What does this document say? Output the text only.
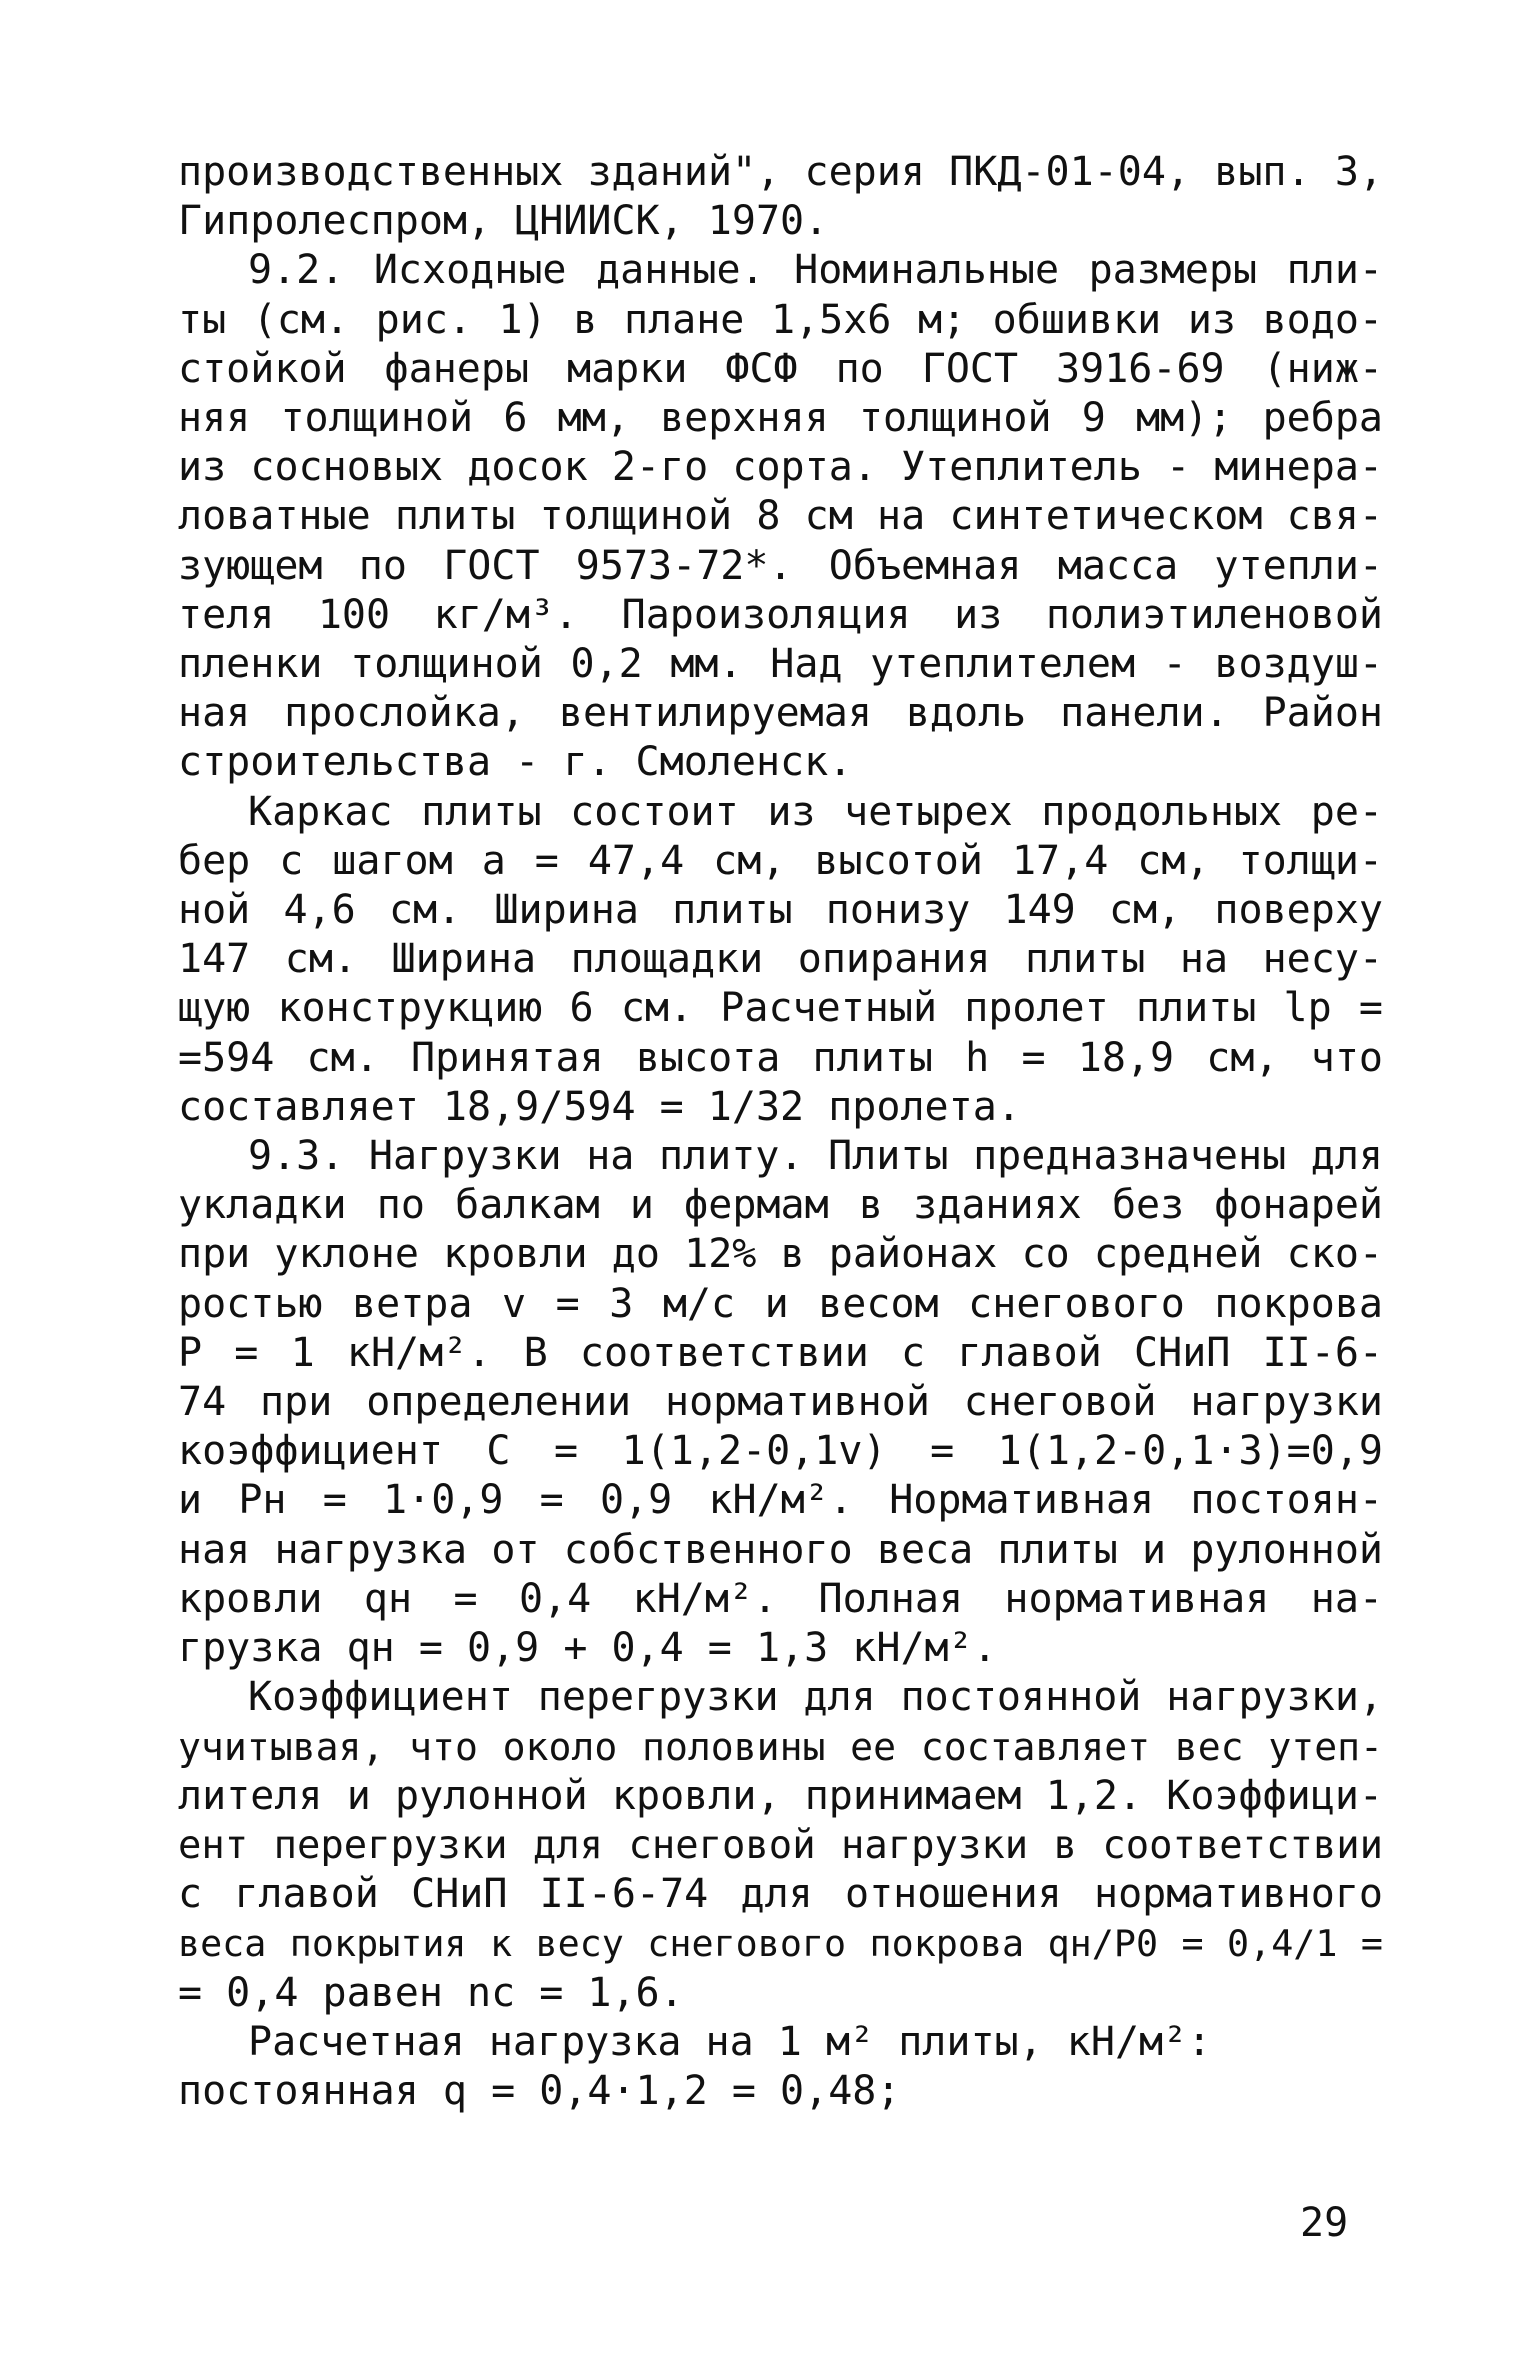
производственных зданий", серия ПКД-01-04, вып. 3,
Гипролеспром, ЦНИИСК, 1970.
9.2. Исходные данные. Номинальные размеры пли-
ты (см. рис. 1) в плане 1,5х6 м; обшивки из водо-
стойкой фанеры марки ФСФ по ГОСТ 3916-69 (ниж-
няя толщиной 6 мм, верхняя толщиной 9 мм); ребра
из сосновых досок 2-го сорта. Утеплитель - минера-
ловатные плиты толщиной 8 см на синтетическом свя-
зующем по ГОСТ 9573-72*. Объемная масса утепли-
теля 100 кг/м³. Пароизоляция из полиэтиленовой
пленки толщиной 0,2 мм. Над утеплителем - воздуш-
ная прослойка, вентилируемая вдоль панели. Район
строительства - г. Смоленск.
Каркас плиты состоит из четырех продольных ре-
бер с шагом a = 47,4 см, высотой 17,4 см, толщи-
ной 4,6 см. Ширина плиты понизу 149 см, поверху
147 см. Ширина площадки опирания плиты на несу-
щую конструкцию 6 см. Расчетный пролет плиты lp =
=594 см. Принятая высота плиты h = 18,9 см, что
составляет 18,9/594 = 1/32 пролета.
9.3. Нагрузки на плиту. Плиты предназначены для
укладки по балкам и фермам в зданиях без фонарей
при уклоне кровли до 12% в районах со средней ско-
ростью ветра v = 3 м/с и весом снегового покрова
P = 1 кН/м². В соответствии с главой СНиП II-6-
74 при определении нормативной снеговой нагрузки
коэффициент C = 1(1,2-0,1v) = 1(1,2-0,1·3)=0,9
и Pн = 1·0,9 = 0,9 кН/м². Нормативная постоян-
ная нагрузка от собственного веса плиты и рулонной
кровли qн = 0,4 кН/м². Полная нормативная на-
грузка qн = 0,9 + 0,4 = 1,3 кН/м².
Коэффициент перегрузки для постоянной нагрузки,
учитывая, что около половины ее составляет вес утеп-
лителя и рулонной кровли, принимаем 1,2. Коэффици-
ент перегрузки для снеговой нагрузки в соответствии
с главой СНиП II-6-74 для отношения нормативного
веса покрытия к весу снегового покрова qн/P0 = 0,4/1 =
= 0,4 равен nc = 1,6.
Расчетная нагрузка на 1 м² плиты, кН/м²:
постоянная q = 0,4·1,2 = 0,48;
29
